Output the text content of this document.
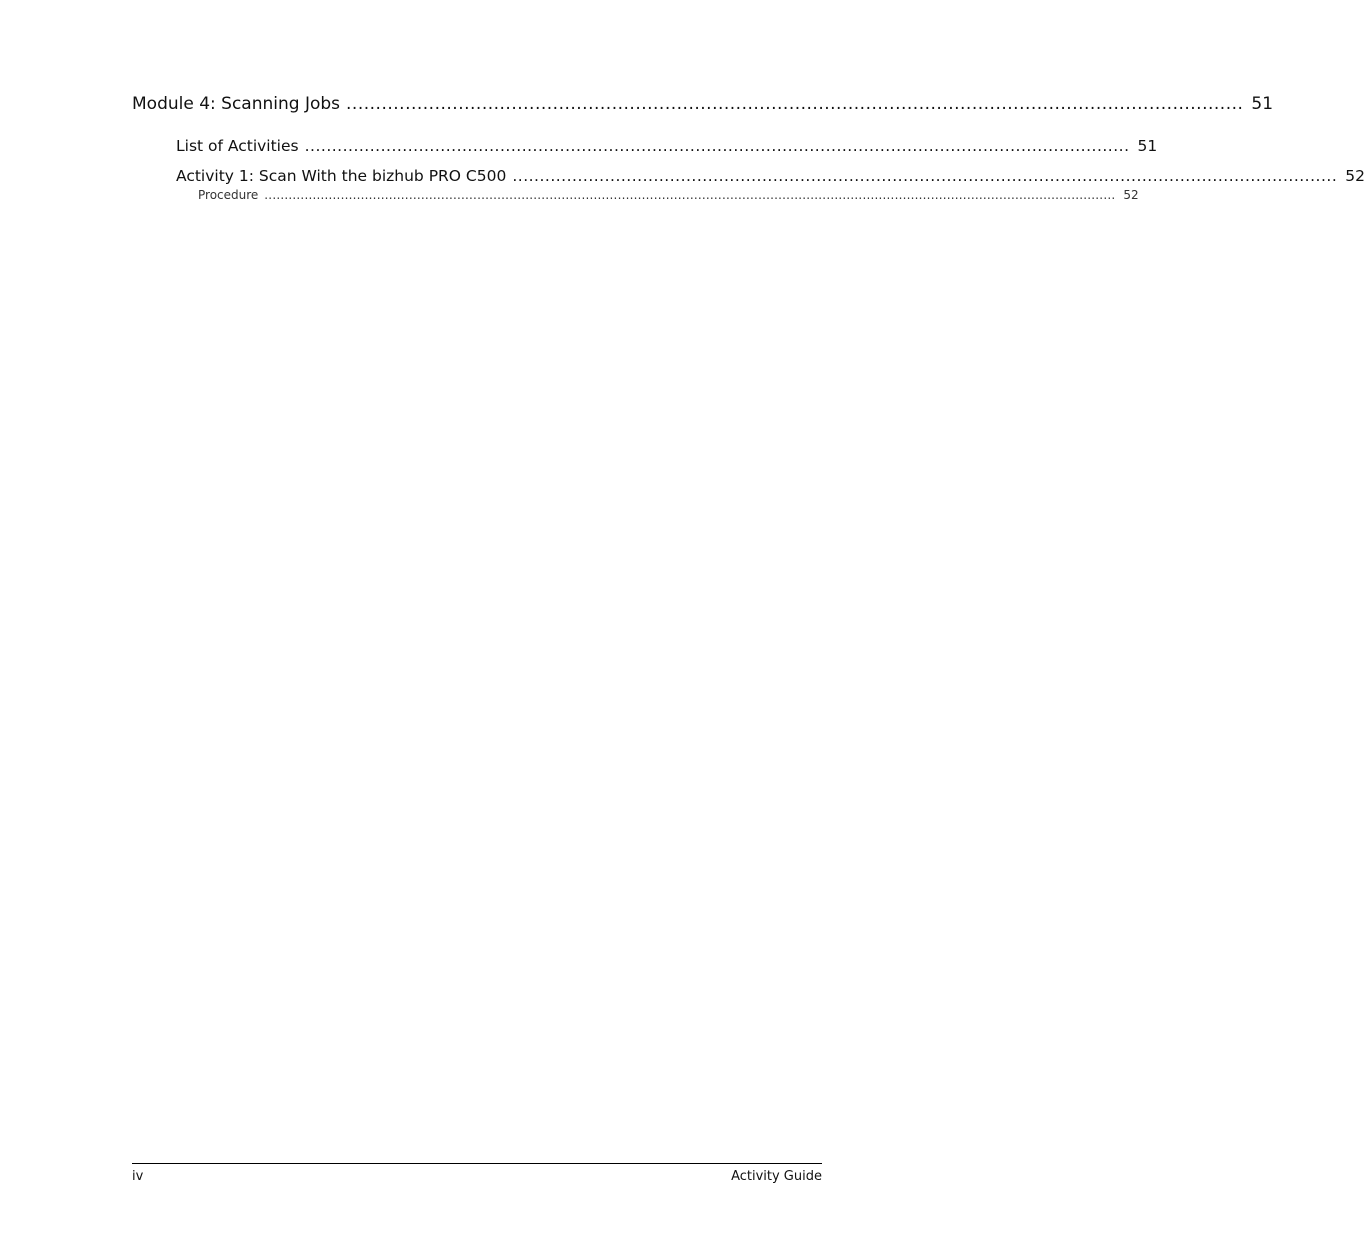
Module 4: Scanning Jobs ........................................................................................................................................................ 51
List of Activities ........................................................................................................................................................ 51
Activity 1: Scan With the bizhub PRO C500 ........................................................................................................................................................ 52
Procedure .................................................................................................................................................................................................................... 52
iv	Activity Guide
